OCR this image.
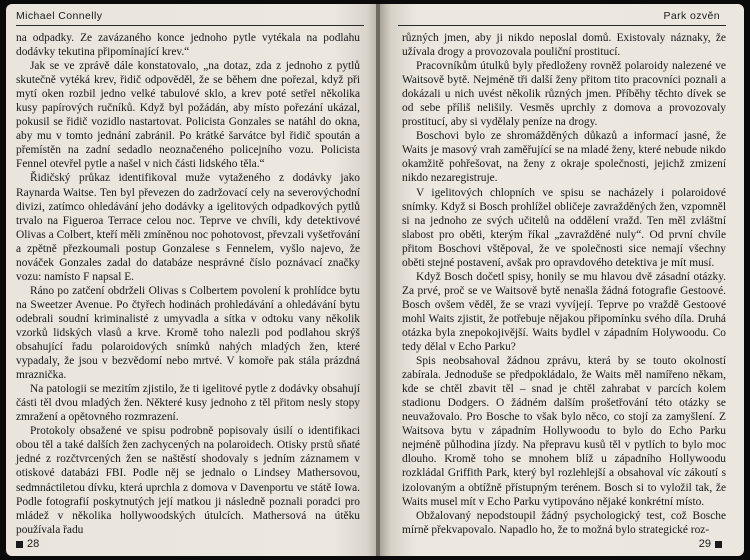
Michael Connelly

na odpadky. Ze zavázaného konce jednoho pytle vytékala na podlahu dodávky tekutina připomínající krev.“

Jak se ve zprávě dále konstatovalo, „na dotaz, zda z jednoho z pytlů skutečně vytéká krev, řidič odpověděl, že se během dne pořezal, když při mytí oken rozbil jedno velké tabulové sklo, a krev poté setřel několika kusy papírových ručníků. Když byl požádán, aby místo pořezání ukázal, pokusil se řidič vozidlo nastartovat. Policista Gonzales se natáhl do okna, aby mu v tomto jednání zabránil. Po krátké šarvátce byl řidič spoután a přemístěn na zadní sedadlo neoznačeného policejního vozu. Policista Fennel otevřel pytle a našel v nich části lidského těla.“

Řidičský průkaz identifikoval muže vytaženého z dodávky jako Raynarda Waitse. Ten byl převezen do zadržovací cely na severovýchodní divizi, zatímco ohledávání jeho dodávky a igelitových odpadkových pytlů trvalo na Figueroa Terrace celou noc. Teprve ve chvíli, kdy detektivové Olivas a Colbert, kteří měli zmíněnou noc pohotovost, převzali vyšetřování a zpětně přezkoumali postup Gonzalese s Fennelem, vyšlo najevo, že nováček Gonzales zadal do databáze nesprávné číslo poznávací značky vozu: namísto F napsal E.

Ráno po zatčení obdrželi Olivas s Colbertem povolení k prohlídce bytu na Sweetzer Avenue. Po čtyřech hodinách prohledávání a ohledávání bytu odebrali soudní kriminalisté z umyvadla a sítka v odtoku vany několik vzorků lidských vlasů a krve. Kromě toho nalezli pod podlahou skrýš obsahující řadu polaroidových snímků nahých mladých žen, které vypadaly, že jsou v bezvědomí nebo mrtvé. V komoře pak stála prázdná mraznička.

Na patologii se mezitím zjistilo, že ti igelitové pytle z dodávky obsahují části těl dvou mladých žen. Některé kusy jednoho z těl přitom nesly stopy zmražení a opětovného rozmrazení.

Protokoly obsažené ve spisu podrobně popisovaly úsilí o identifikaci obou těl a také dalších žen zachycených na polaroidech. Otisky prstů sňaté jedné z rozčtvrcených žen se naštěstí shodovaly s jedním záznamem v otiskové databázi FBI. Podle něj se jednalo o Lindsey Mathersovou, sedmnáctiletou dívku, která uprchla z domova v Davenportu ve státě Iowa. Podle fotografií poskytnutých její matkou ji následně poznali poradci pro mládež v několika hollywoodských útulcích. Mathersová na útěku používala řadu

28
Park ozvěn

různých jmen, aby ji nikdo neposlal domů. Existovaly náznaky, že užívala drogy a provozovala pouliční prostitucí.

Pracovníkům útulků byly předloženy rovněž polaroidy nalezené ve Waitsově bytě. Nejméně tři další ženy přitom tito pracovníci poznali a dokázali u nich uvést několik různých jmen. Příběhy těchto dívek se od sebe příliš nelišily. Vesměs uprchly z domova a provozovaly prostitucí, aby si vydělaly peníze na drogy.

Boschovi bylo ze shromážděných důkazů a informací jasné, že Waits je masový vrah zaměřující se na mladé ženy, které nebude nikdo okamžitě pohřešovat, na ženy z okraje společnosti, jejichž zmizení nikdo nezaregistruje.

V igelitových chlopních ve spisu se nacházely i polaroidové snímky. Když si Bosch prohlížel obličeje zavražděných žen, vzpomněl si na jednoho ze svých učitelů na oddělení vražd. Ten měl zvláštní slabost pro oběti, kterým říkal „zavražděné nuly“. Od první chvíle přitom Boschovi vštěpoval, že ve společnosti sice nemají všechny oběti stejné postavení, avšak pro opravdového detektiva je mít musí.

Když Bosch dočetl spisy, honily se mu hlavou dvě zásadní otázky. Za prvé, proč se ve Waitsově bytě nenašla žádná fotografie Gestoové. Bosch ovšem věděl, že se vrazi vyvíjejí. Teprve po vraždě Gestoové mohl Waits zjistit, že potřebuje nějakou připomínku svého díla. Druhá otázka byla znepokojivější. Waits bydlel v západním Holywoodu. Co tedy dělal v Echo Parku?

Spis neobsahoval žádnou zprávu, která by se touto okolností zabírala. Jednoduše se předpokládalo, že Waits měl namířeno někam, kde se chtěl zbavit těl – snad je chtěl zahrabat v parcích kolem stadionu Dodgers. O žádném dalším prošetřování této otázky se neuvažovalo. Pro Bosche to však bylo něco, co stojí za zamyšlení. Z Waitsova bytu v západním Hollywoodu to bylo do Echo Parku nejméně půlhodina jízdy. Na přepravu kusů těl v pytlích to bylo moc dlouho. Kromě toho se mnohem blíž u západního Hollywoodu rozkládal Griffith Park, který byl rozlehlejší a obsahoval víc zákoutí s izolovaným a obtížně přístupným terénem. Bosch si to vyložil tak, že Waits musel mít v Echo Parku vytipováno nějaké konkrétní místo.

Obžalovaný nepodstoupil žádný psychologický test, což Bosche mírně překvapovalo. Napadlo ho, že to možná bylo strategické roz-

29
